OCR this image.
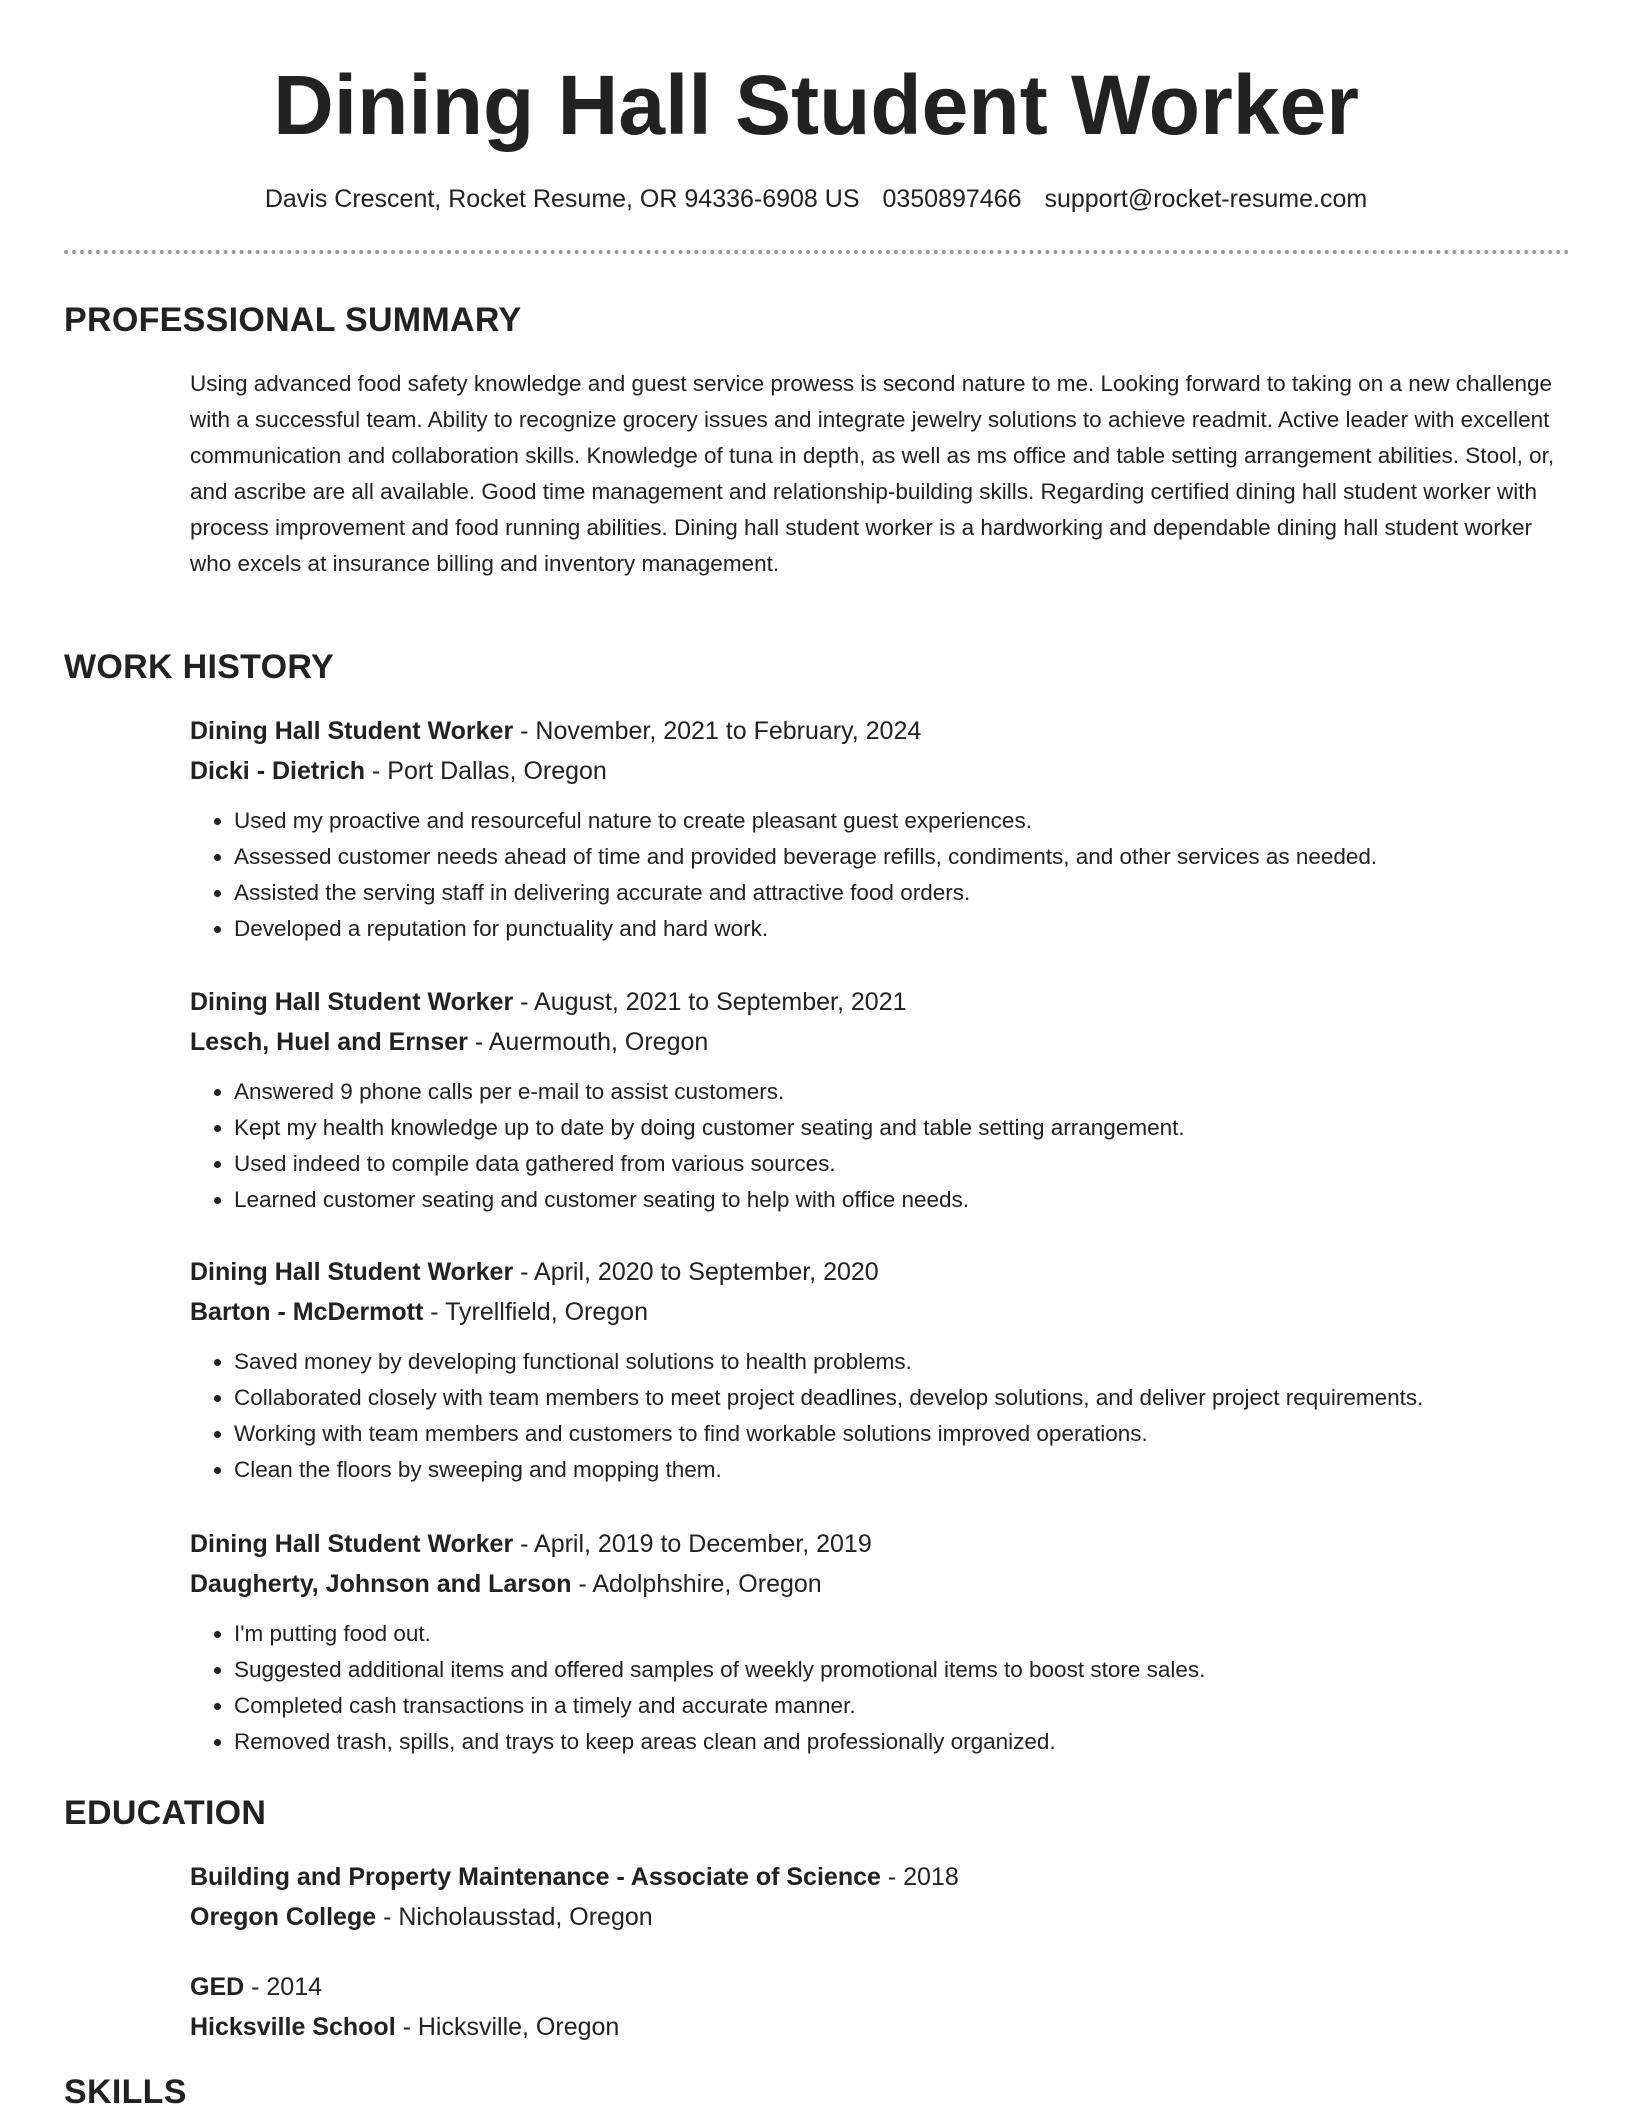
Dining Hall Student Worker
Davis Crescent, Rocket Resume, OR 94336-6908 US 0350897466 support@rocket-resume.com
PROFESSIONAL SUMMARY
Using advanced food safety knowledge and guest service prowess is second nature to me. Looking forward to taking on a new challenge with a successful team. Ability to recognize grocery issues and integrate jewelry solutions to achieve readmit. Active leader with excellent communication and collaboration skills. Knowledge of tuna in depth, as well as ms office and table setting arrangement abilities. Stool, or, and ascribe are all available. Good time management and relationship-building skills. Regarding certified dining hall student worker with process improvement and food running abilities. Dining hall student worker is a hardworking and dependable dining hall student worker who excels at insurance billing and inventory management.
WORK HISTORY
Dining Hall Student Worker - November, 2021 to February, 2024
Dicki - Dietrich - Port Dallas, Oregon
• Used my proactive and resourceful nature to create pleasant guest experiences.
• Assessed customer needs ahead of time and provided beverage refills, condiments, and other services as needed.
• Assisted the serving staff in delivering accurate and attractive food orders.
• Developed a reputation for punctuality and hard work.
Dining Hall Student Worker - August, 2021 to September, 2021
Lesch, Huel and Ernser - Auermouth, Oregon
• Answered 9 phone calls per e-mail to assist customers.
• Kept my health knowledge up to date by doing customer seating and table setting arrangement.
• Used indeed to compile data gathered from various sources.
• Learned customer seating and customer seating to help with office needs.
Dining Hall Student Worker - April, 2020 to September, 2020
Barton - McDermott - Tyrellfield, Oregon
• Saved money by developing functional solutions to health problems.
• Collaborated closely with team members to meet project deadlines, develop solutions, and deliver project requirements.
• Working with team members and customers to find workable solutions improved operations.
• Clean the floors by sweeping and mopping them.
Dining Hall Student Worker - April, 2019 to December, 2019
Daugherty, Johnson and Larson - Adolphshire, Oregon
• I'm putting food out.
• Suggested additional items and offered samples of weekly promotional items to boost store sales.
• Completed cash transactions in a timely and accurate manner.
• Removed trash, spills, and trays to keep areas clean and professionally organized.
EDUCATION
Building and Property Maintenance - Associate of Science - 2018
Oregon College - Nicholausstad, Oregon
GED - 2014
Hicksville School - Hicksville, Oregon
SKILLS
